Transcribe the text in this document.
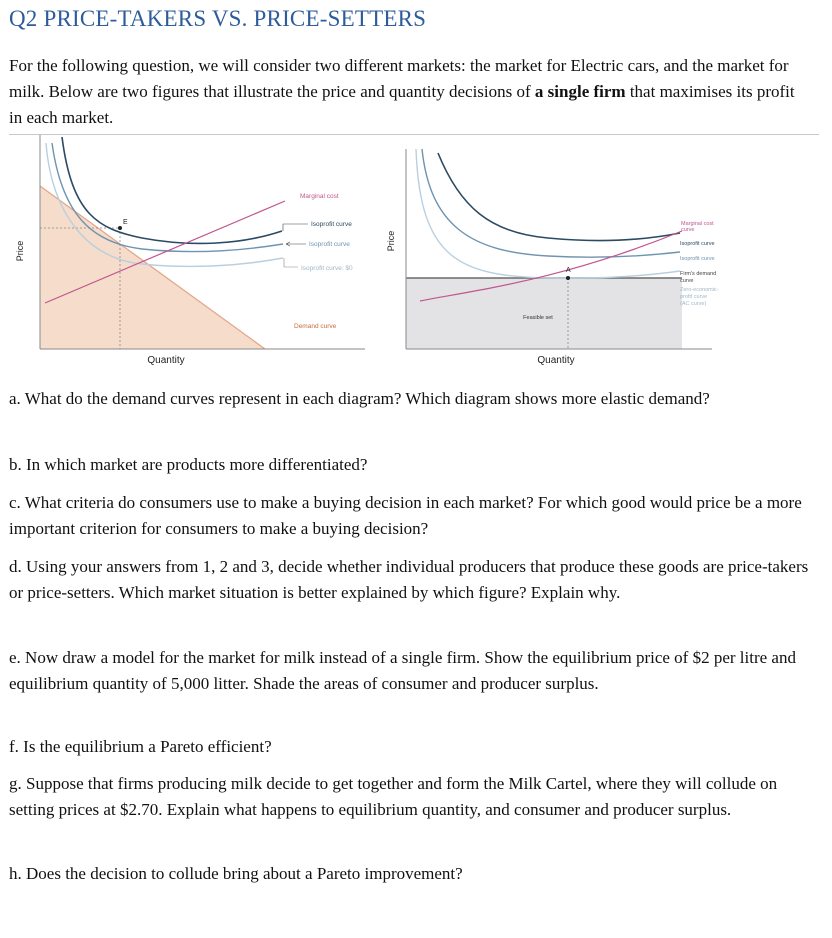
Q2 PRICE-TAKERS VS. PRICE-SETTERS

For the following question, we will consider two different markets: the market for Electric cars, and the market for milk. Below are two figures that illustrate the price and quantity decisions of a single firm that maximises its profit in each market.

E
Marginal cost
Isoprofit curve
Isoprofit curve
Isoprofit curve: $0
Demand curve
Price
Quantity
A
Feasible set
Marginal cost
curve
Isoprofit curve
Isoprofit curve
Firm's demand
curve
Zero-economic-
profit curve
(AC curve)
Price
Quantity

a. What do the demand curves represent in each diagram? Which diagram shows more elastic demand?

b. In which market are products more differentiated?

c. What criteria do consumers use to make a buying decision in each market? For which good would price be a more important criterion for consumers to make a buying decision?

d. Using your answers from 1, 2 and 3, decide whether individual producers that produce these goods are price-takers or price-setters. Which market situation is better explained by which figure? Explain why.

e. Now draw a model for the market for milk instead of a single firm. Show the equilibrium price of $2 per litre and equilibrium quantity of 5,000 litter. Shade the areas of consumer and producer surplus.

f. Is the equilibrium a Pareto efficient?

g. Suppose that firms producing milk decide to get together and form the Milk Cartel, where they will collude on setting prices at $2.70. Explain what happens to equilibrium quantity, and consumer and producer surplus.

h. Does the decision to collude bring about a Pareto improvement?
